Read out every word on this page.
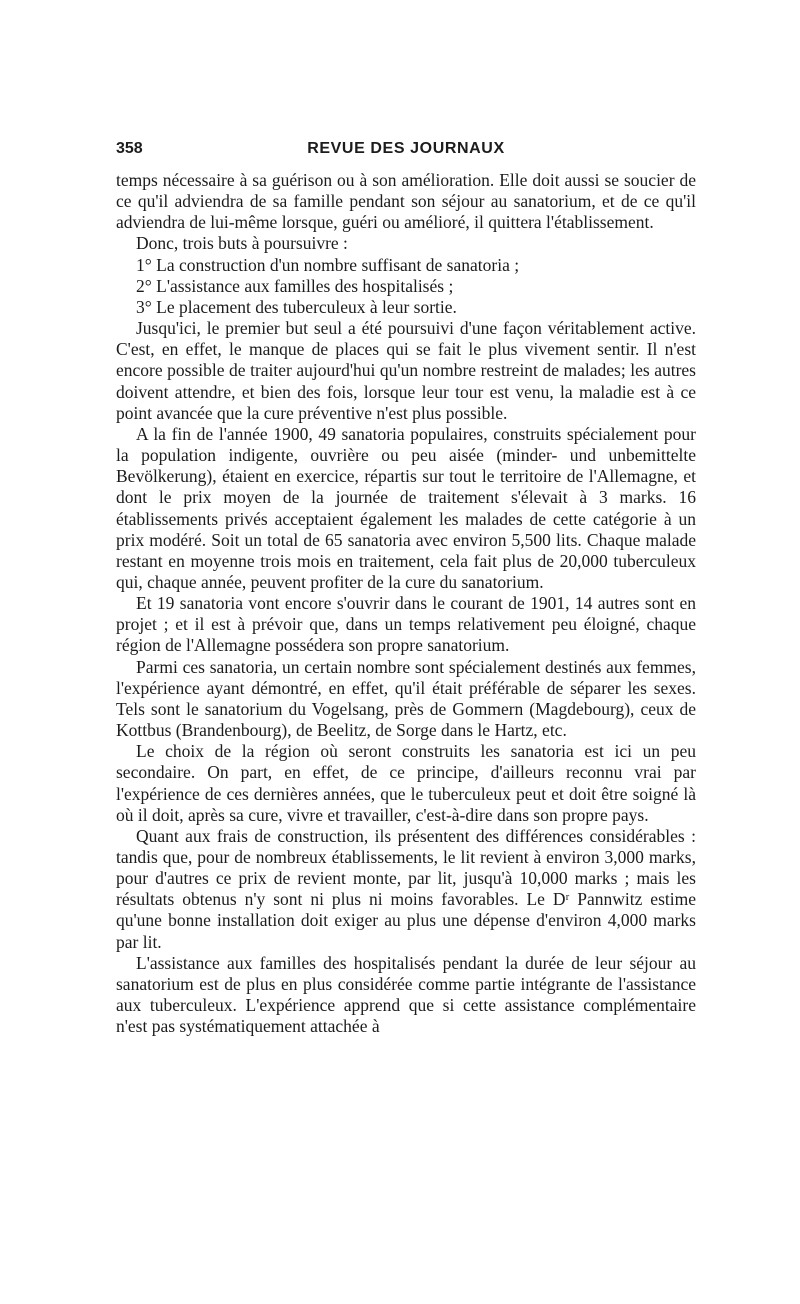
358	REVUE DES JOURNAUX

temps nécessaire à sa guérison ou à son amélioration. Elle doit aussi se soucier de ce qu'il adviendra de sa famille pendant son séjour au sanatorium, et de ce qu'il adviendra de lui-même lorsque, guéri ou amélioré, il quittera l'établissement.

Donc, trois buts à poursuivre :

1° La construction d'un nombre suffisant de sanatoria ;

2° L'assistance aux familles des hospitalisés ;

3° Le placement des tuberculeux à leur sortie.

Jusqu'ici, le premier but seul a été poursuivi d'une façon véritablement active. C'est, en effet, le manque de places qui se fait le plus vivement sentir. Il n'est encore possible de traiter aujourd'hui qu'un nombre restreint de malades; les autres doivent attendre, et bien des fois, lorsque leur tour est venu, la maladie est à ce point avancée que la cure préventive n'est plus possible.

A la fin de l'année 1900, 49 sanatoria populaires, construits spécialement pour la population indigente, ouvrière ou peu aisée (minder- und unbemittelte Bevölkerung), étaient en exercice, répartis sur tout le territoire de l'Allemagne, et dont le prix moyen de la journée de traitement s'élevait à 3 marks. 16 établissements privés acceptaient également les malades de cette catégorie à un prix modéré. Soit un total de 65 sanatoria avec environ 5,500 lits. Chaque malade restant en moyenne trois mois en traitement, cela fait plus de 20,000 tuberculeux qui, chaque année, peuvent profiter de la cure du sanatorium.

Et 19 sanatoria vont encore s'ouvrir dans le courant de 1901, 14 autres sont en projet ; et il est à prévoir que, dans un temps relativement peu éloigné, chaque région de l'Allemagne possédera son propre sanatorium.

Parmi ces sanatoria, un certain nombre sont spécialement destinés aux femmes, l'expérience ayant démontré, en effet, qu'il était préférable de séparer les sexes. Tels sont le sanatorium du Vogelsang, près de Gommern (Magdebourg), ceux de Kottbus (Brandenbourg), de Beelitz, de Sorge dans le Hartz, etc.

Le choix de la région où seront construits les sanatoria est ici un peu secondaire. On part, en effet, de ce principe, d'ailleurs reconnu vrai par l'expérience de ces dernières années, que le tuberculeux peut et doit être soigné là où il doit, après sa cure, vivre et travailler, c'est-à-dire dans son propre pays.

Quant aux frais de construction, ils présentent des différences considérables : tandis que, pour de nombreux établissements, le lit revient à environ 3,000 marks, pour d'autres ce prix de revient monte, par lit, jusqu'à 10,000 marks ; mais les résultats obtenus n'y sont ni plus ni moins favorables. Le Dʳ Pannwitz estime qu'une bonne installation doit exiger au plus une dépense d'environ 4,000 marks par lit.

L'assistance aux familles des hospitalisés pendant la durée de leur séjour au sanatorium est de plus en plus considérée comme partie intégrante de l'assistance aux tuberculeux. L'expérience apprend que si cette assistance complémentaire n'est pas systématiquement attachée à
